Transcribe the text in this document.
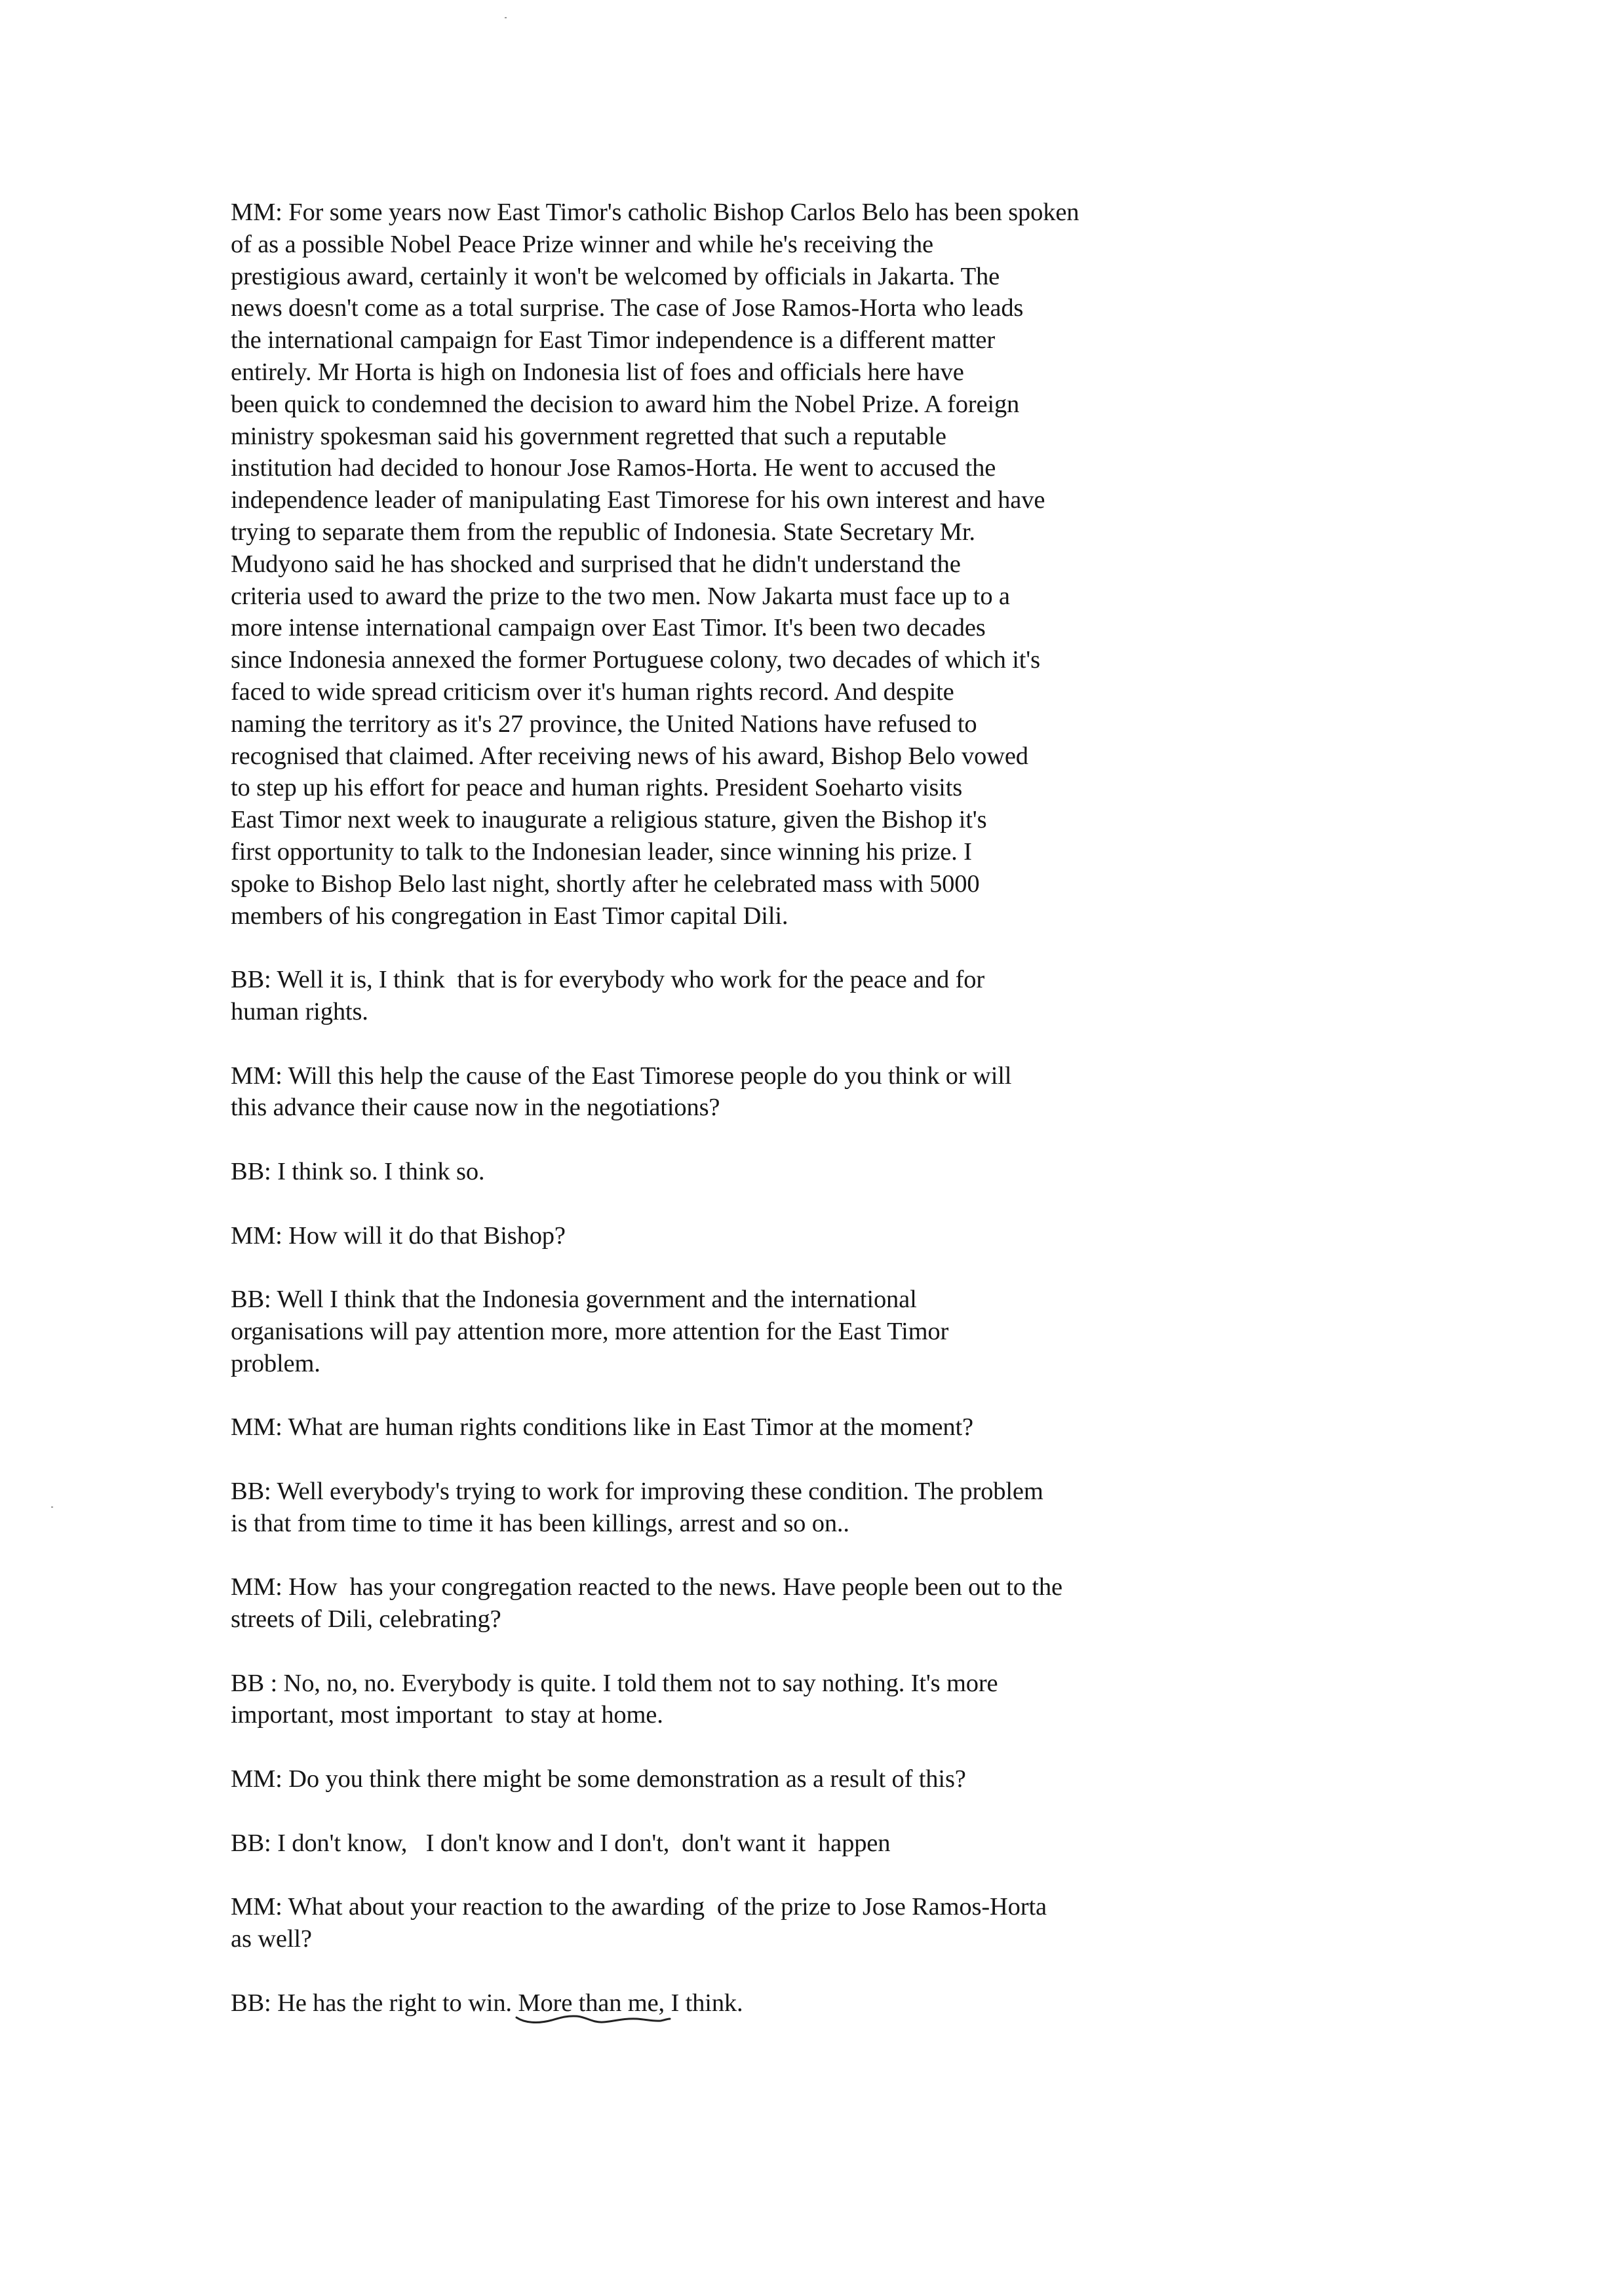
MM: For some years now East Timor's catholic Bishop Carlos Belo has been spoken
of as a possible Nobel Peace Prize winner and while he's receiving the
prestigious award, certainly it won't be welcomed by officials in Jakarta. The
news doesn't come as a total surprise. The case of Jose Ramos-Horta who leads
the international campaign for East Timor independence is a different matter
entirely. Mr Horta is high on Indonesia list of foes and officials here have
been quick to condemned the decision to award him the Nobel Prize. A foreign
ministry spokesman said his government regretted that such a reputable
institution had decided to honour Jose Ramos-Horta. He went to accused the
independence leader of manipulating East Timorese for his own interest and have
trying to separate them from the republic of Indonesia. State Secretary Mr.
Mudyono said he has shocked and surprised that he didn't understand the
criteria used to award the prize to the two men. Now Jakarta must face up to a
more intense international campaign over East Timor. It's been two decades
since Indonesia annexed the former Portuguese colony, two decades of which it's
faced to wide spread criticism over it's human rights record. And despite
naming the territory as it's 27 province, the United Nations have refused to
recognised that claimed. After receiving news of his award, Bishop Belo vowed
to step up his effort for peace and human rights. President Soeharto visits
East Timor next week to inaugurate a religious stature, given the Bishop it's
first opportunity to talk to the Indonesian leader, since winning his prize. I
spoke to Bishop Belo last night, shortly after he celebrated mass with 5000
members of his congregation in East Timor capital Dili.
BB: Well it is, I think  that is for everybody who work for the peace and for
human rights.
MM: Will this help the cause of the East Timorese people do you think or will
this advance their cause now in the negotiations?
BB: I think so. I think so.
MM: How will it do that Bishop?
BB: Well I think that the Indonesia government and the international
organisations will pay attention more, more attention for the East Timor
problem.
MM: What are human rights conditions like in East Timor at the moment?
BB: Well everybody's trying to work for improving these condition. The problem
is that from time to time it has been killings, arrest and so on..
MM: How  has your congregation reacted to the news. Have people been out to the
streets of Dili, celebrating?
BB : No, no, no. Everybody is quite. I told them not to say nothing. It's more
important, most important  to stay at home.
MM: Do you think there might be some demonstration as a result of this?
BB: I don't know,   I don't know and I don't,  don't want it  happen
MM: What about your reaction to the awarding  of the prize to Jose Ramos-Horta
as well?
BB: He has the right to win. More than me,
I think.
